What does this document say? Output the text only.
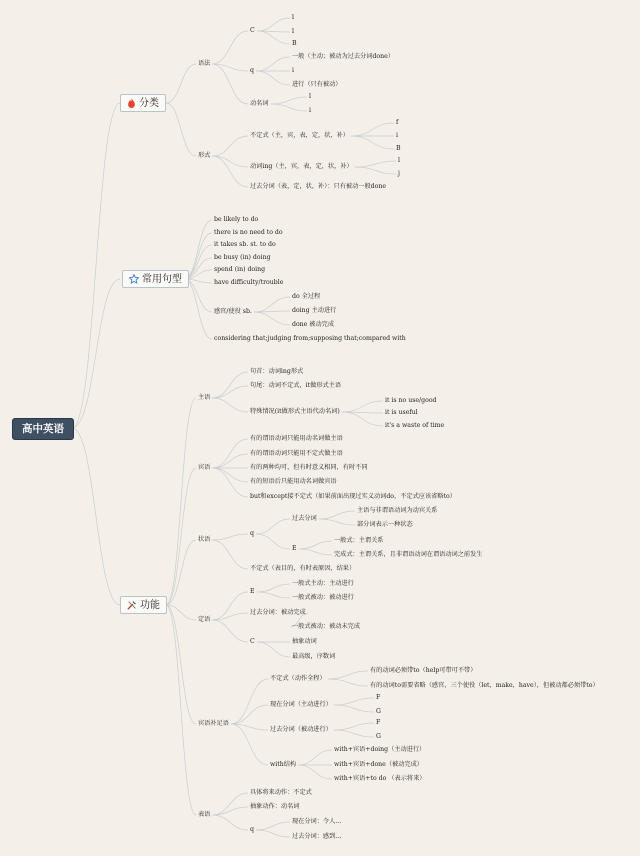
高中英语
分类
常用句型
功能
语法
C
l
l
B
一般（主动；被动为过去分词done）
q	i
进行（只有被动）
动名词
l
i
形式
不定式（主，宾，表，定，状，补）
f
i
B
l
j
动词ing（主，宾，表，定，状，补）
过去分词（表，定，状，补）：只有被动一般done
be likely to do
there is no need to do
it takes sb. st. to do
be busy (in) doing
spend (in) doing
have difficulty/trouble
感官/使役 sb.
do 全过程
doing 主动进行
done 被动完成
considering that;judging from;supposing that;compared with
主语
句首：动词ing形式
句尾：动词不定式，it做形式主语
特殊情况(it做形式主语代动名词)
it is no use/good
it is useful
it's a waste of time
宾语
有的谓语动词只能用动名词做主语
有的谓语动词只能用不定式做主语
有的两种均可，但有时意义相同，有时不同
有的短语后只能用动名词做宾语
but和except接不定式（如果前面出现过实义动词do，不定式应该省略to）
状语
q
过去分词
主语与非谓语动词为动宾关系
部分词表示一种状态
E
一般式：主谓关系
完成式：主谓关系，且非谓语动词在谓语动词之前发生
不定式（表目的，有时表原因，结果）
定语
E
一般式主动：主动进行
一般式被动：被动进行
过去分词：被动完成
一般式被动：被动未完成
C	抽象动词
最高级，序数词
宾语补足语
不定式（动作全程）
有的动词必须带to（help可带可不带）
有的动词to需要省略（感官，三个使役（let，make，have），但被动都必须带to）
现在分词（主动进行）
F
G
过去分词（被动进行）
F
G
with结构
with+宾语+doing（主动进行）
with+宾语+done（被动完成）
with+宾语+to do （表示将来）
表语
具体将来动作：不定式
抽象动作：动名词
q
现在分词：令人...
过去分词：感到...
